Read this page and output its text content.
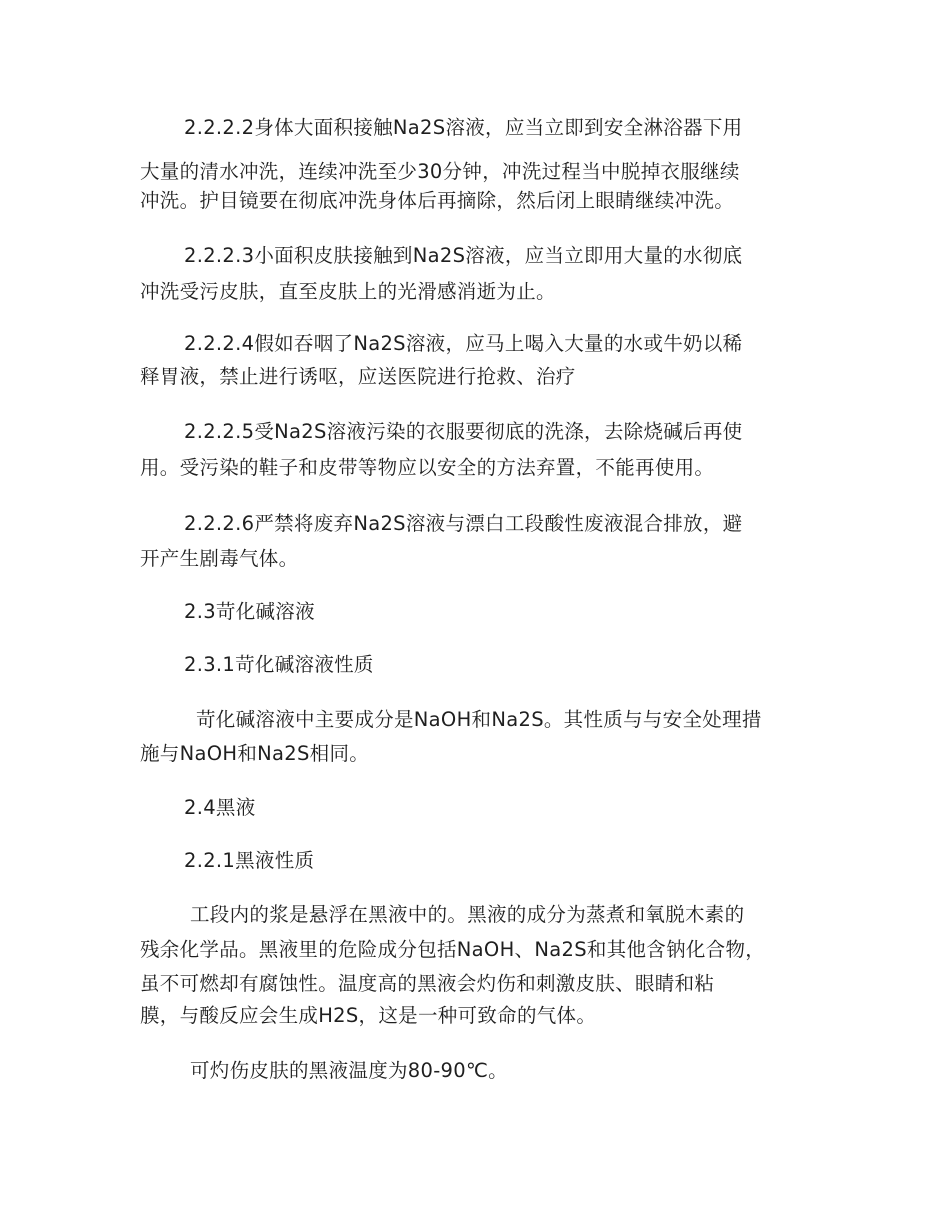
2.2.2.2身体大面积接触Na2S溶液，应当立即到安全淋浴器下用
大量的清水冲洗，连续冲洗至少30分钟，冲洗过程当中脱掉衣服继续
冲洗。护目镜要在彻底冲洗身体后再摘除，然后闭上眼睛继续冲洗。
2.2.2.3小面积皮肤接触到Na2S溶液，应当立即用大量的水彻底
冲洗受污皮肤，直至皮肤上的光滑感消逝为止。
2.2.2.4假如吞咽了Na2S溶液，应马上喝入大量的水或牛奶以稀
释胃液，禁止进行诱呕，应送医院进行抢救、治疗
2.2.2.5受Na2S溶液污染的衣服要彻底的洗涤，去除烧碱后再使
用。受污染的鞋子和皮带等物应以安全的方法弃置，不能再使用。
2.2.2.6严禁将废弃Na2S溶液与漂白工段酸性废液混合排放，避
开产生剧毒气体。
2.3苛化碱溶液
2.3.1苛化碱溶液性质
苛化碱溶液中主要成分是NaOH和Na2S。其性质与与安全处理措
施与NaOH和Na2S相同。
2.4黑液
2.2.1黑液性质
工段内的浆是悬浮在黑液中的。黑液的成分为蒸煮和氧脱木素的
残余化学品。黑液里的危险成分包括NaOH、Na2S和其他含钠化合物，
虽不可燃却有腐蚀性。温度高的黑液会灼伤和刺激皮肤、眼睛和粘
膜，与酸反应会生成H2S，这是一种可致命的气体。
可灼伤皮肤的黑液温度为80-90℃。
